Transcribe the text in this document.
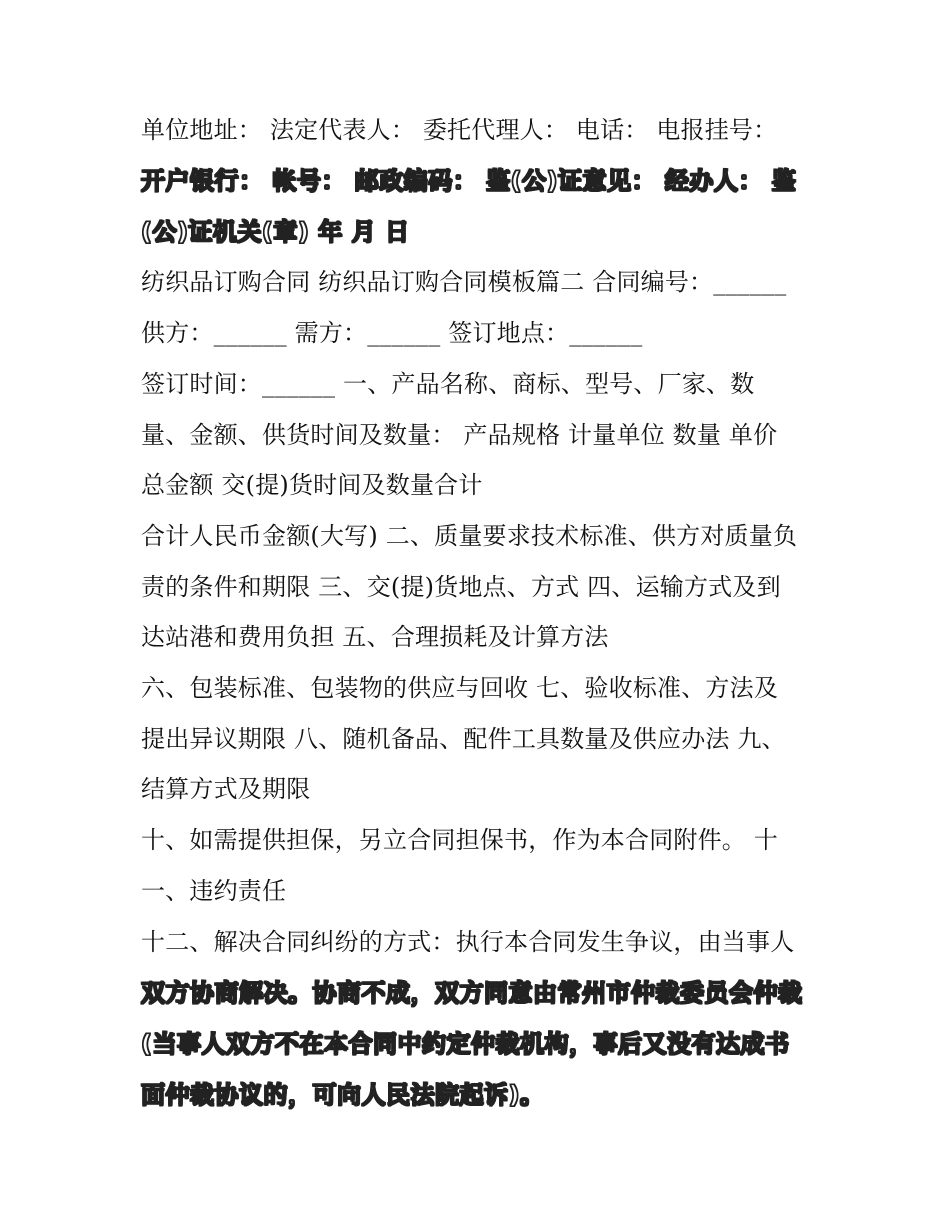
单位地址： 法定代表人： 委托代理人： 电话： 电报挂号：
开户银行： 帐号： 邮政编码： 鉴(公)证意见： 经办人： 鉴
(公)证机关(章) 年 月 日
纺织品订购合同 纺织品订购合同模板篇二 合同编号：______
供方：______ 需方：______ 签订地点：______
签订时间：______ 一、产品名称、商标、型号、厂家、数
量、金额、供货时间及数量： 产品规格 计量单位 数量 单价
总金额 交(提)货时间及数量合计
合计人民币金额(大写) 二、质量要求技术标准、供方对质量负
责的条件和期限 三、交(提)货地点、方式 四、运输方式及到
达站港和费用负担 五、合理损耗及计算方法
六、包装标准、包装物的供应与回收 七、验收标准、方法及
提出异议期限 八、随机备品、配件工具数量及供应办法 九、
结算方式及期限
十、如需提供担保，另立合同担保书，作为本合同附件。 十
一、违约责任
十二、解决合同纠纷的方式：执行本合同发生争议，由当事人
双方协商解决。协商不成，双方同意由常州市仲裁委员会仲裁
(当事人双方不在本合同中约定仲裁机构，事后又没有达成书
面仲裁协议的，可向人民法院起诉)。
